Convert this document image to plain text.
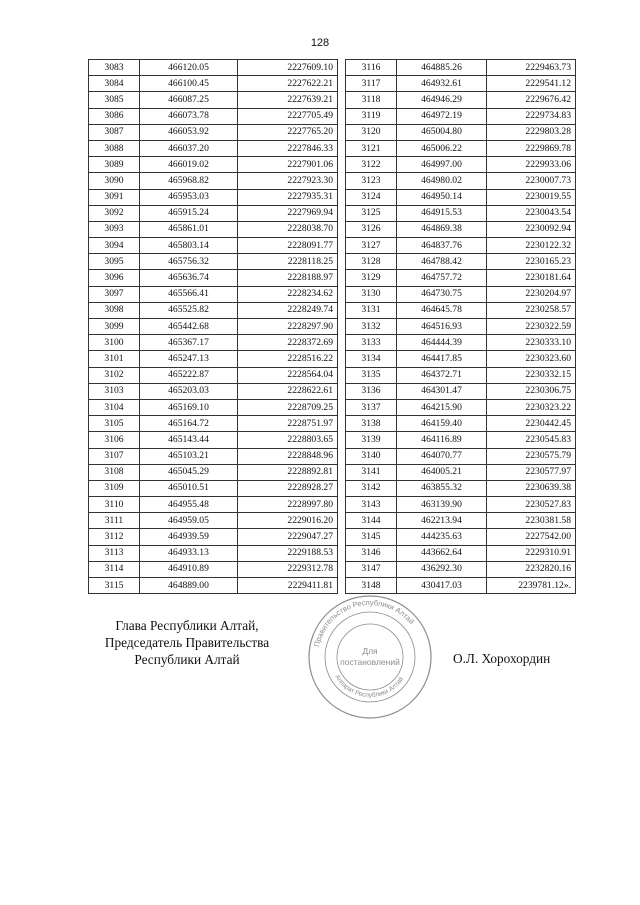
128
3083	466120.05	2227609.10
3084	466100.45	2227622.21
3085	466087.25	2227639.21
3086	466073.78	2227705.49
3087	466053.92	2227765.20
3088	466037.20	2227846.33
3089	466019.02	2227901.06
3090	465968.82	2227923.30
3091	465953.03	2227935.31
3092	465915.24	2227969.94
3093	465861.01	2228038.70
3094	465803.14	2228091.77
3095	465756.32	2228118.25
3096	465636.74	2228188.97
3097	465566.41	2228234.62
3098	465525.82	2228249.74
3099	465442.68	2228297.90
3100	465367.17	2228372.69
3101	465247.13	2228516.22
3102	465222.87	2228564.04
3103	465203.03	2228622.61
3104	465169.10	2228709.25
3105	465164.72	2228751.97
3106	465143.44	2228803.65
3107	465103.21	2228848.96
3108	465045.29	2228892.81
3109	465010.51	2228928.27
3110	464955.48	2228997.80
3111	464959.05	2229016.20
3112	464939.59	2229047.27
3113	464933.13	2229188.53
3114	464910.89	2229312.78
3115	464889.00	2229411.81
3116	464885.26	2229463.73
3117	464932.61	2229541.12
3118	464946.29	2229676.42
3119	464972.19	2229734.83
3120	465004.80	2229803.28
3121	465006.22	2229869.78
3122	464997.00	2229933.06
3123	464980.02	2230007.73
3124	464950.14	2230019.55
3125	464915.53	2230043.54
3126	464869.38	2230092.94
3127	464837.76	2230122.32
3128	464788.42	2230165.23
3129	464757.72	2230181.64
3130	464730.75	2230204.97
3131	464645.78	2230258.57
3132	464516.93	2230322.59
3133	464444.39	2230333.10
3134	464417.85	2230323.60
3135	464372.71	2230332.15
3136	464301.47	2230306.75
3137	464215.90	2230323.22
3138	464159.40	2230442.45
3139	464116.89	2230545.83
3140	464070.77	2230575.79
3141	464005.21	2230577.97
3142	463855.32	2230639.38
3143	463139.90	2230527.83
3144	462213.94	2230381.58
3145	444235.63	2227542.00
3146	443662.64	2229310.91
3147	436292.30	2232820.16
3148	430417.03	2239781.12».
Глава Республики Алтай,
Председатель Правительства
Республики Алтай	О.Л. Хорохордин
Правительство Республики Алтай
Аппарат Республики Алтай
Для
постановлений
